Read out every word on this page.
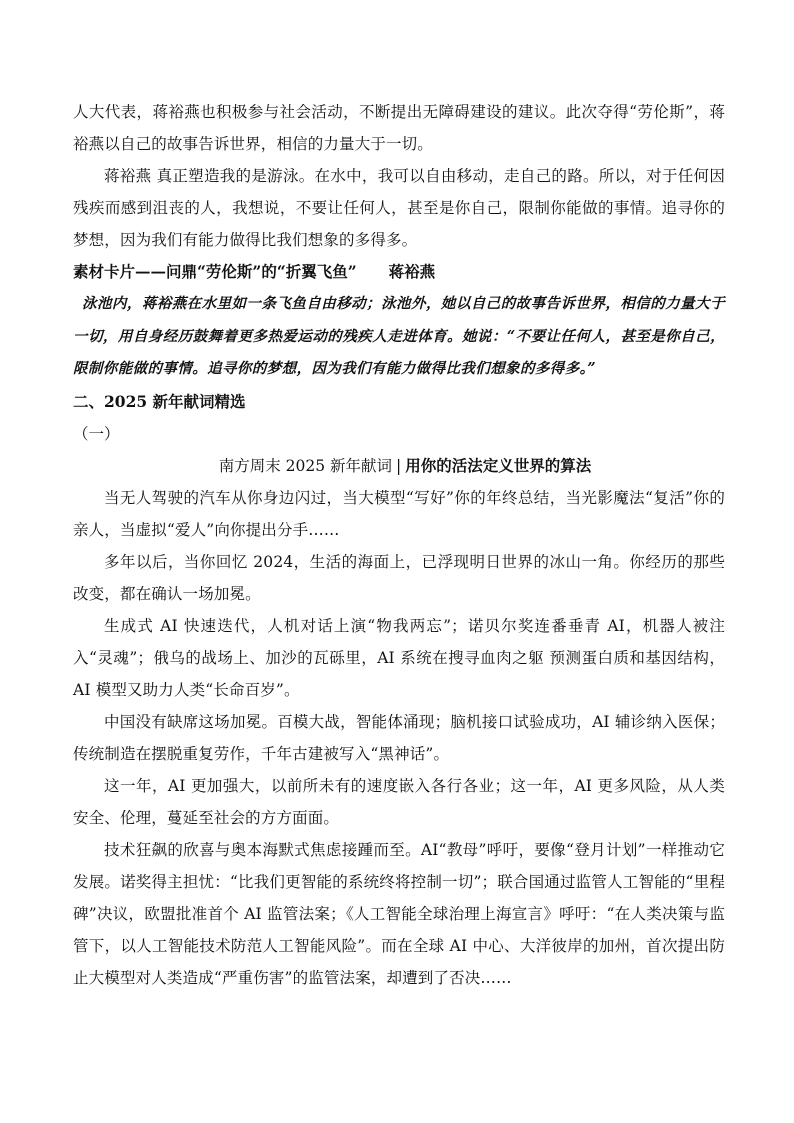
人大代表，蒋裕燕也积极参与社会活动，不断提出无障碍建设的建议。此次夺得“劳伦斯”，蒋裕燕以自己的故事告诉世界，相信的力量大于一切。

蒋裕燕 真正塑造我的是游泳。在水中，我可以自由移动，走自己的路。所以，对于任何因残疾而感到沮丧的人，我想说，不要让任何人，甚至是你自己，限制你能做的事情。追寻你的梦想，因为我们有能力做得比我们想象的多得多。

素材卡片——问鼎“劳伦斯”的“折翼飞鱼” 蒋裕燕

泳池内，蒋裕燕在水里如一条飞鱼自由移动；泳池外，她以自己的故事告诉世界，相信的力量大于一切，用自身经历鼓舞着更多热爱运动的残疾人走进体育。她说：“不要让任何人，甚至是你自己，限制你能做的事情。追寻你的梦想，因为我们有能力做得比我们想象的多得多。”

二、2025 新年献词精选

（一）

南方周末 2025 新年献词 | 用你的活法定义世界的算法

当无人驾驶的汽车从你身边闪过，当大模型“写好”你的年终总结，当光影魔法“复活”你的亲人，当虚拟“爱人”向你提出分手……

多年以后，当你回忆 2024，生活的海面上，已浮现明日世界的冰山一角。你经历的那些改变，都在确认一场加冕。

生成式 AI 快速迭代，人机对话上演“物我两忘”；诺贝尔奖连番垂青 AI，机器人被注入“灵魂”；俄乌的战场上、加沙的瓦砾里，AI 系统在搜寻血肉之躯 预测蛋白质和基因结构，AI 模型又助力人类“长命百岁”。

中国没有缺席这场加冕。百模大战，智能体涌现；脑机接口试验成功，AI 辅诊纳入医保；传统制造在摆脱重复劳作，千年古建被写入“黑神话”。

这一年，AI 更加强大，以前所未有的速度嵌入各行各业；这一年，AI 更多风险，从人类安全、伦理，蔓延至社会的方方面面。

技术狂飙的欣喜与奥本海默式焦虑接踵而至。AI“教母”呼吁，要像“登月计划”一样推动它发展。诺奖得主担忧：“比我们更智能的系统终将控制一切”；联合国通过监管人工智能的“里程碑”决议，欧盟批准首个 AI 监管法案；《人工智能全球治理上海宣言》呼吁：“在人类决策与监管下，以人工智能技术防范人工智能风险”。而在全球 AI 中心、大洋彼岸的加州，首次提出防止大模型对人类造成“严重伤害”的监管法案，却遭到了否决……
